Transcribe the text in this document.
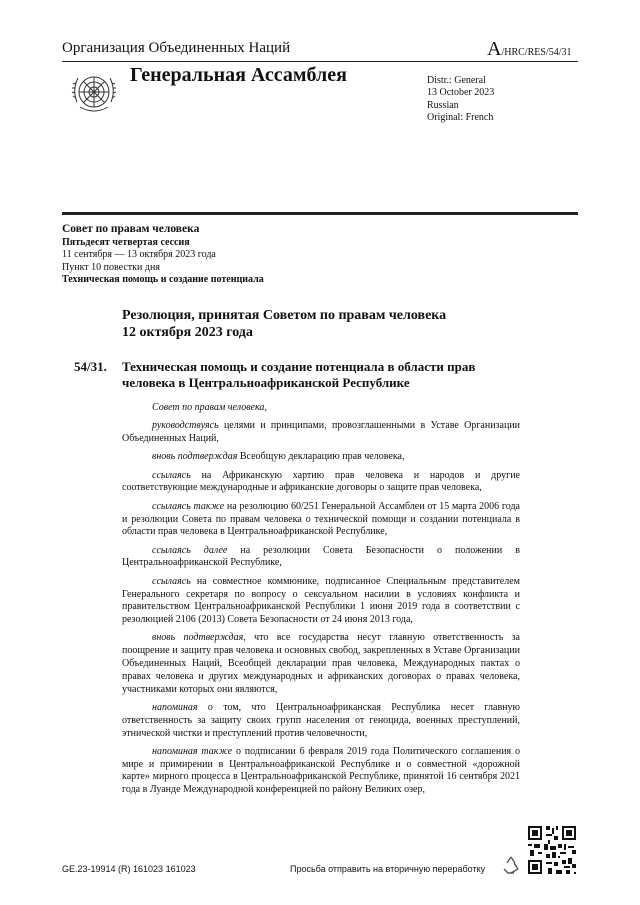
Организация Объединенных Наций	A/HRC/RES/54/31
Генеральная Ассамблея	Distr.: General
13 October 2023
Russian
Original: French
Совет по правам человека
Пятьдесят четвертая сессия
11 сентября — 13 октября 2023 года
Пункт 10 повестки дня
Техническая помощь и создание потенциала
Резолюция, принятая Советом по правам человека
12 октября 2023 года
54/31. Техническая помощь и создание потенциала в области прав человека в Центральноафриканской Республике

Совет по правам человека,

руководствуясь целями и принципами, провозглашенными в Уставе Организации Объединенных Наций,

вновь подтверждая Всеобщую декларацию прав человека,

ссылаясь на Африканскую хартию прав человека и народов и другие соответствующие международные и африканские договоры о защите прав человека,

ссылаясь также на резолюцию 60/251 Генеральной Ассамблеи от 15 марта 2006 года и резолюции Совета по правам человека о технической помощи и создании потенциала в области прав человека в Центральноафриканской Республике,

ссылаясь далее на резолюции Совета Безопасности о положении в Центральноафриканской Республике,

ссылаясь на совместное коммюнике, подписанное Специальным представителем Генерального секретаря по вопросу о сексуальном насилии в условиях конфликта и правительством Центральноафриканской Республики 1 июня 2019 года в соответствии с резолюцией 2106 (2013) Совета Безопасности от 24 июня 2013 года,

вновь подтверждая, что все государства несут главную ответственность за поощрение и защиту прав человека и основных свобод, закрепленных в Уставе Организации Объединенных Наций, Всеобщей декларации прав человека, Международных пактах о правах человека и других международных и африканских договорах о правах человека, участниками которых они являются,

напоминая о том, что Центральноафриканская Республика несет главную ответственность за защиту своих групп населения от геноцида, военных преступлений, этнической чистки и преступлений против человечности,

напоминая также о подписании 6 февраля 2019 года Политического соглашения о мире и примирении в Центральноафриканской Республике и о совместной «дорожной карте» мирного процесса в Центральноафриканской Республике, принятой 16 сентября 2021 года в Луанде Международной конференцией по району Великих озер,

GE.23-19914 (R) 161023 161023	Просьба отправить на вторичную переработку
